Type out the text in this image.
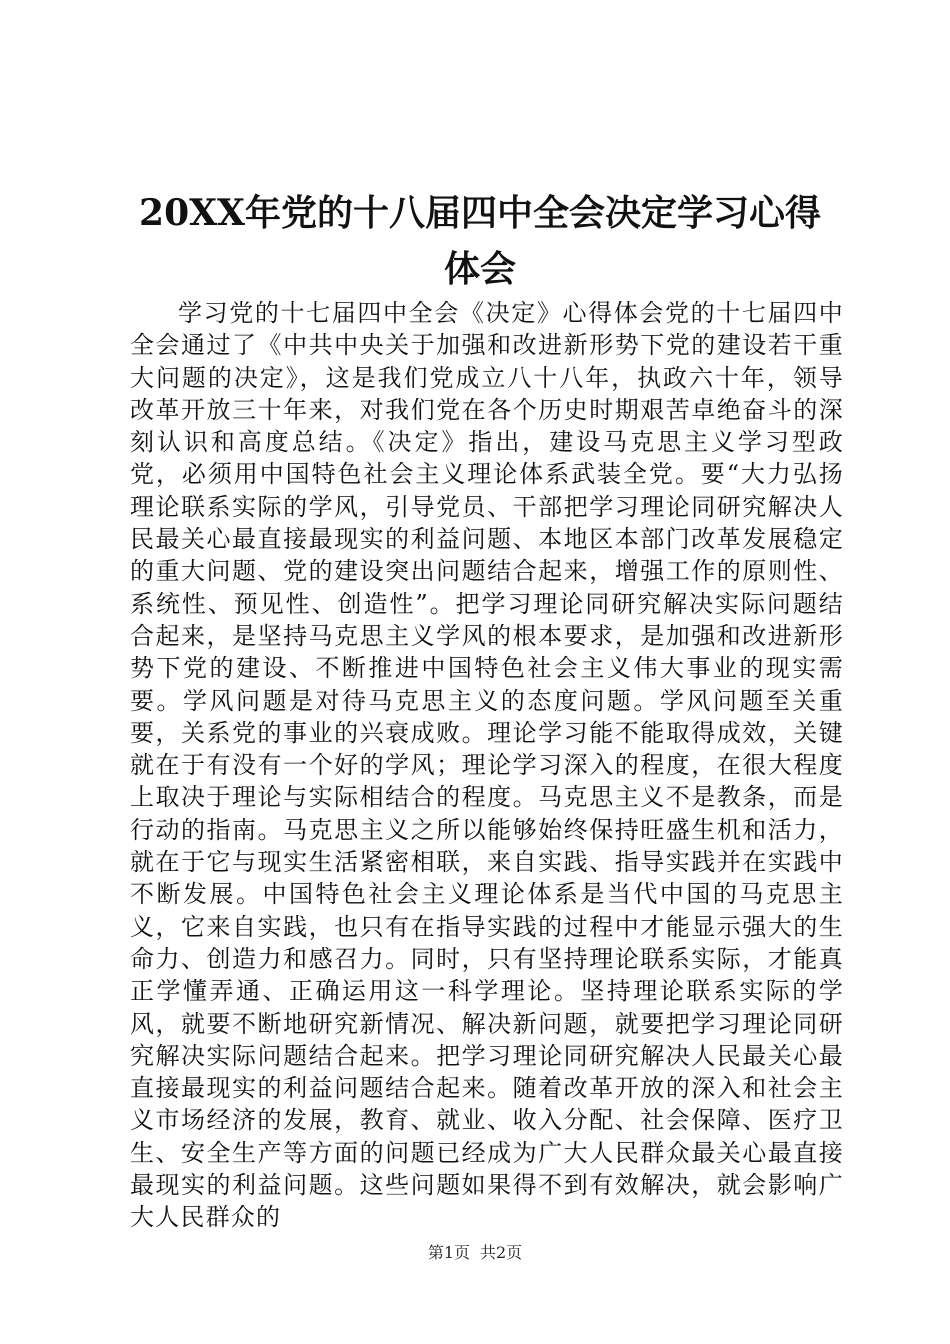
20XX年党的十八届四中全会决定学习心得体会

学习党的十七届四中全会《决定》心得体会党的十七届四中全会通过了《中共中央关于加强和改进新形势下党的建设若干重大问题的决定》，这是我们党成立八十八年，执政六十年，领导改革开放三十年来，对我们党在各个历史时期艰苦卓绝奋斗的深刻认识和高度总结。《决定》指出，建设马克思主义学习型政党，必须用中国特色社会主义理论体系武装全党。要“大力弘扬理论联系实际的学风，引导党员、干部把学习理论同研究解决人民最关心最直接最现实的利益问题、本地区本部门改革发展稳定的重大问题、党的建设突出问题结合起来，增强工作的原则性、系统性、预见性、创造性”。把学习理论同研究解决实际问题结合起来，是坚持马克思主义学风的根本要求，是加强和改进新形势下党的建设、不断推进中国特色社会主义伟大事业的现实需要。学风问题是对待马克思主义的态度问题。学风问题至关重要，关系党的事业的兴衰成败。理论学习能不能取得成效，关键就在于有没有一个好的学风；理论学习深入的程度，在很大程度上取决于理论与实际相结合的程度。马克思主义不是教条，而是行动的指南。马克思主义之所以能够始终保持旺盛生机和活力，就在于它与现实生活紧密相联，来自实践、指导实践并在实践中不断发展。中国特色社会主义理论体系是当代中国的马克思主义，它来自实践，也只有在指导实践的过程中才能显示强大的生命力、创造力和感召力。同时，只有坚持理论联系实际，才能真正学懂弄通、正确运用这一科学理论。坚持理论联系实际的学风，就要不断地研究新情况、解决新问题，就要把学习理论同研究解决实际问题结合起来。把学习理论同研究解决人民最关心最直接最现实的利益问题结合起来。随着改革开放的深入和社会主义市场经济的发展，教育、就业、收入分配、社会保障、医疗卫生、安全生产等方面的问题已经成为广大人民群众最关心最直接最现实的利益问题。这些问题如果得不到有效解决，就会影响广大人民群众的

第1页 共2页
